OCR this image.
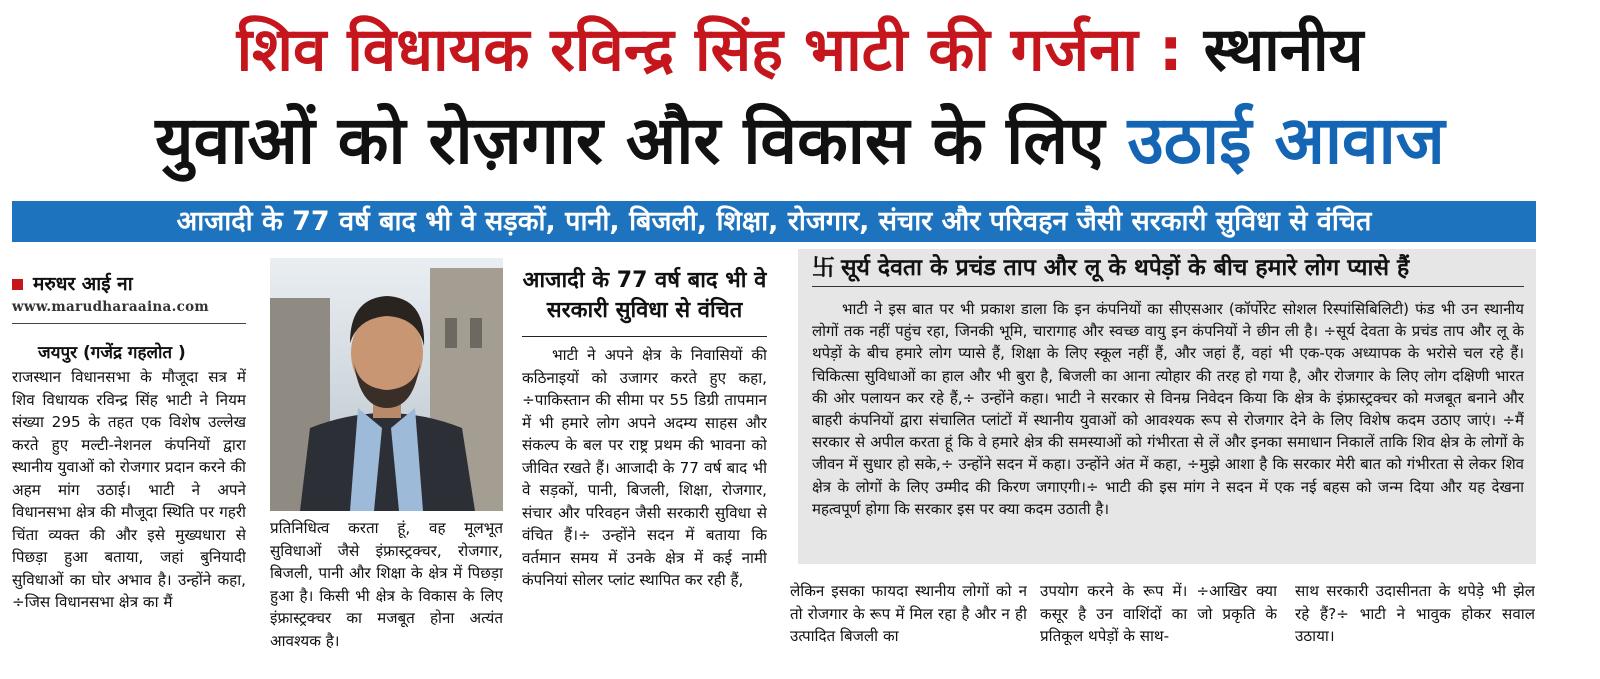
शिव विधायक रविन्द्र सिंह भाटी की गर्जना : स्थानीय
युवाओं को रोज़गार और विकास के लिए उठाई आवाज
आजादी के 77 वर्ष बाद भी वे सड़कों, पानी, बिजली, शिक्षा, रोजगार, संचार और परिवहन जैसी सरकारी सुविधा से वंचित
मरुधर आई ना
www.marudharaaina.com
जयपुर (गजेंद्र गहलोत )
राजस्थान विधानसभा के मौजूदा सत्र में शिव विधायक रविन्द्र सिंह भाटी ने नियम संख्या 295 के तहत एक विशेष उल्लेख करते हुए मल्टी-नेशनल कंपनियों द्वारा स्थानीय युवाओं को रोजगार प्रदान करने की अहम मांग उठाई। भाटी ने अपने विधानसभा क्षेत्र की मौजूदा स्थिति पर गहरी चिंता व्यक्त की और इसे मुख्यधारा से पिछड़ा हुआ बताया, जहां बुनियादी सुविधाओं का घोर अभाव है। उन्होंने कहा, ÷जिस विधानसभा क्षेत्र का मैं
प्रतिनिधित्व करता हूं, वह मूलभूत सुविधाओं जैसे इंफ्रास्ट्रक्चर, रोजगार, बिजली, पानी और शिक्षा के क्षेत्र में पिछड़ा हुआ है। किसी भी क्षेत्र के विकास के लिए इंफ्रास्ट्रक्चर का मजबूत होना अत्यंत आवश्यक है।
आजादी के 77 वर्ष बाद भी वे सरकारी सुविधा से वंचित
भाटी ने अपने क्षेत्र के निवासियों की कठिनाइयों को उजागर करते हुए कहा, ÷पाकिस्तान की सीमा पर 55 डिग्री तापमान में भी हमारे लोग अपने अदम्य साहस और संकल्प के बल पर राष्ट्र प्रथम की भावना को जीवित रखते हैं। आजादी के 77 वर्ष बाद भी वे सड़कों, पानी, बिजली, शिक्षा, रोजगार, संचार और परिवहन जैसी सरकारी सुविधा से वंचित हैं।÷ उन्होंने सदन में बताया कि वर्तमान समय में उनके क्षेत्र में कई नामी कंपनियां सोलर प्लांट स्थापित कर रही हैं,
卐 सूर्य देवता के प्रचंड ताप और लू के थपेड़ों के बीच हमारे लोग प्यासे हैं
भाटी ने इस बात पर भी प्रकाश डाला कि इन कंपनियों का सीएसआर (कॉर्पोरेट सोशल रिस्पांसिबिलिटी) फंड भी उन स्थानीय लोगों तक नहीं पहुंच रहा, जिनकी भूमि, चारागाह और स्वच्छ वायु इन कंपनियों ने छीन ली है। ÷सूर्य देवता के प्रचंड ताप और लू के थपेड़ों के बीच हमारे लोग प्यासे हैं, शिक्षा के लिए स्कूल नहीं हैं, और जहां हैं, वहां भी एक-एक अध्यापक के भरोसे चल रहे हैं। चिकित्सा सुविधाओं का हाल और भी बुरा है, बिजली का आना त्योहार की तरह हो गया है, और रोजगार के लिए लोग दक्षिणी भारत की ओर पलायन कर रहे हैं,÷ उन्होंने कहा। भाटी ने सरकार से विनम्र निवेदन किया कि क्षेत्र के इंफ्रास्ट्रक्चर को मजबूत बनाने और बाहरी कंपनियों द्वारा संचालित प्लांटों में स्थानीय युवाओं को आवश्यक रूप से रोजगार देने के लिए विशेष कदम उठाए जाएं। ÷मैं सरकार से अपील करता हूं कि वे हमारे क्षेत्र की समस्याओं को गंभीरता से लें और इनका समाधान निकालें ताकि शिव क्षेत्र के लोगों के जीवन में सुधार हो सके,÷ उन्होंने सदन में कहा। उन्होंने अंत में कहा, ÷मुझे आशा है कि सरकार मेरी बात को गंभीरता से लेकर शिव क्षेत्र के लोगों के लिए उम्मीद की किरण जगाएगी।÷ भाटी की इस मांग ने सदन में एक नई बहस को जन्म दिया और यह देखना महत्वपूर्ण होगा कि सरकार इस पर क्या कदम उठाती है।
लेकिन इसका फायदा स्थानीय लोगों को न तो रोजगार के रूप में मिल रहा है और न ही उत्पादित बिजली का
उपयोग करने के रूप में। ÷आखिर क्या कसूर है उन वाशिंदों का जो प्रकृति के प्रतिकूल थपेड़ों के साथ-
साथ सरकारी उदासीनता के थपेड़े भी झेल रहे हैं?÷ भाटी ने भावुक होकर सवाल उठाया।
